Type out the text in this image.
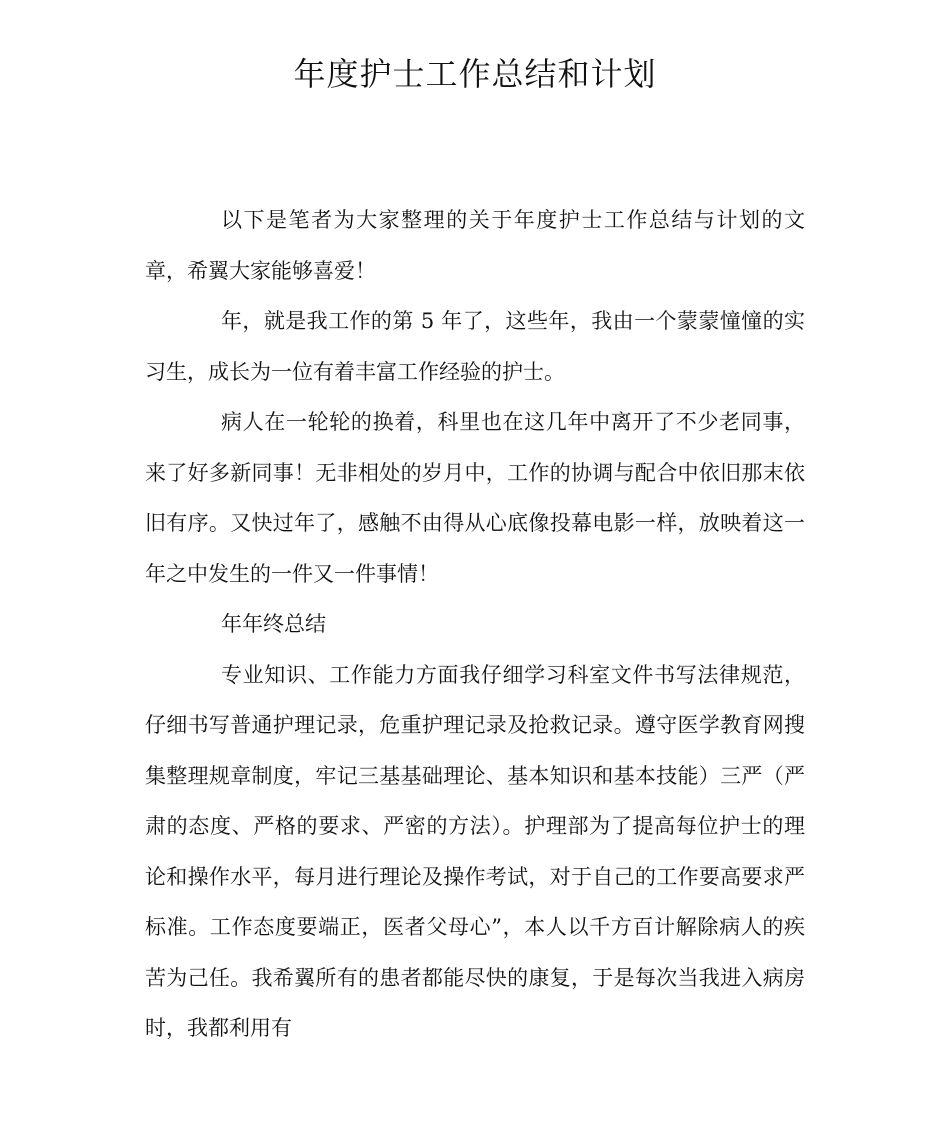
年度护士工作总结和计划

以下是笔者为大家整理的关于年度护士工作总结与计划的文章，希翼大家能够喜爱！

年，就是我工作的第 5 年了，这些年，我由一个蒙蒙憧憧的实习生，成长为一位有着丰富工作经验的护士。

病人在一轮轮的换着，科里也在这几年中离开了不少老同事，来了好多新同事！无非相处的岁月中，工作的协调与配合中依旧那末依旧有序。又快过年了，感触不由得从心底像投幕电影一样，放映着这一年之中发生的一件又一件事情！

年年终总结

专业知识、工作能力方面我仔细学习科室文件书写法律规范，仔细书写普通护理记录，危重护理记录及抢救记录。遵守医学教育网搜集整理规章制度，牢记三基基础理论、基本知识和基本技能）三严（严肃的态度、严格的要求、严密的方法）。护理部为了提高每位护士的理论和操作水平，每月进行理论及操作考试，对于自己的工作要高要求严标准。工作态度要端正，医者父母心”，本人以千方百计解除病人的疾苦为己任。我希翼所有的患者都能尽快的康复，于是每次当我进入病房时，我都利用有
